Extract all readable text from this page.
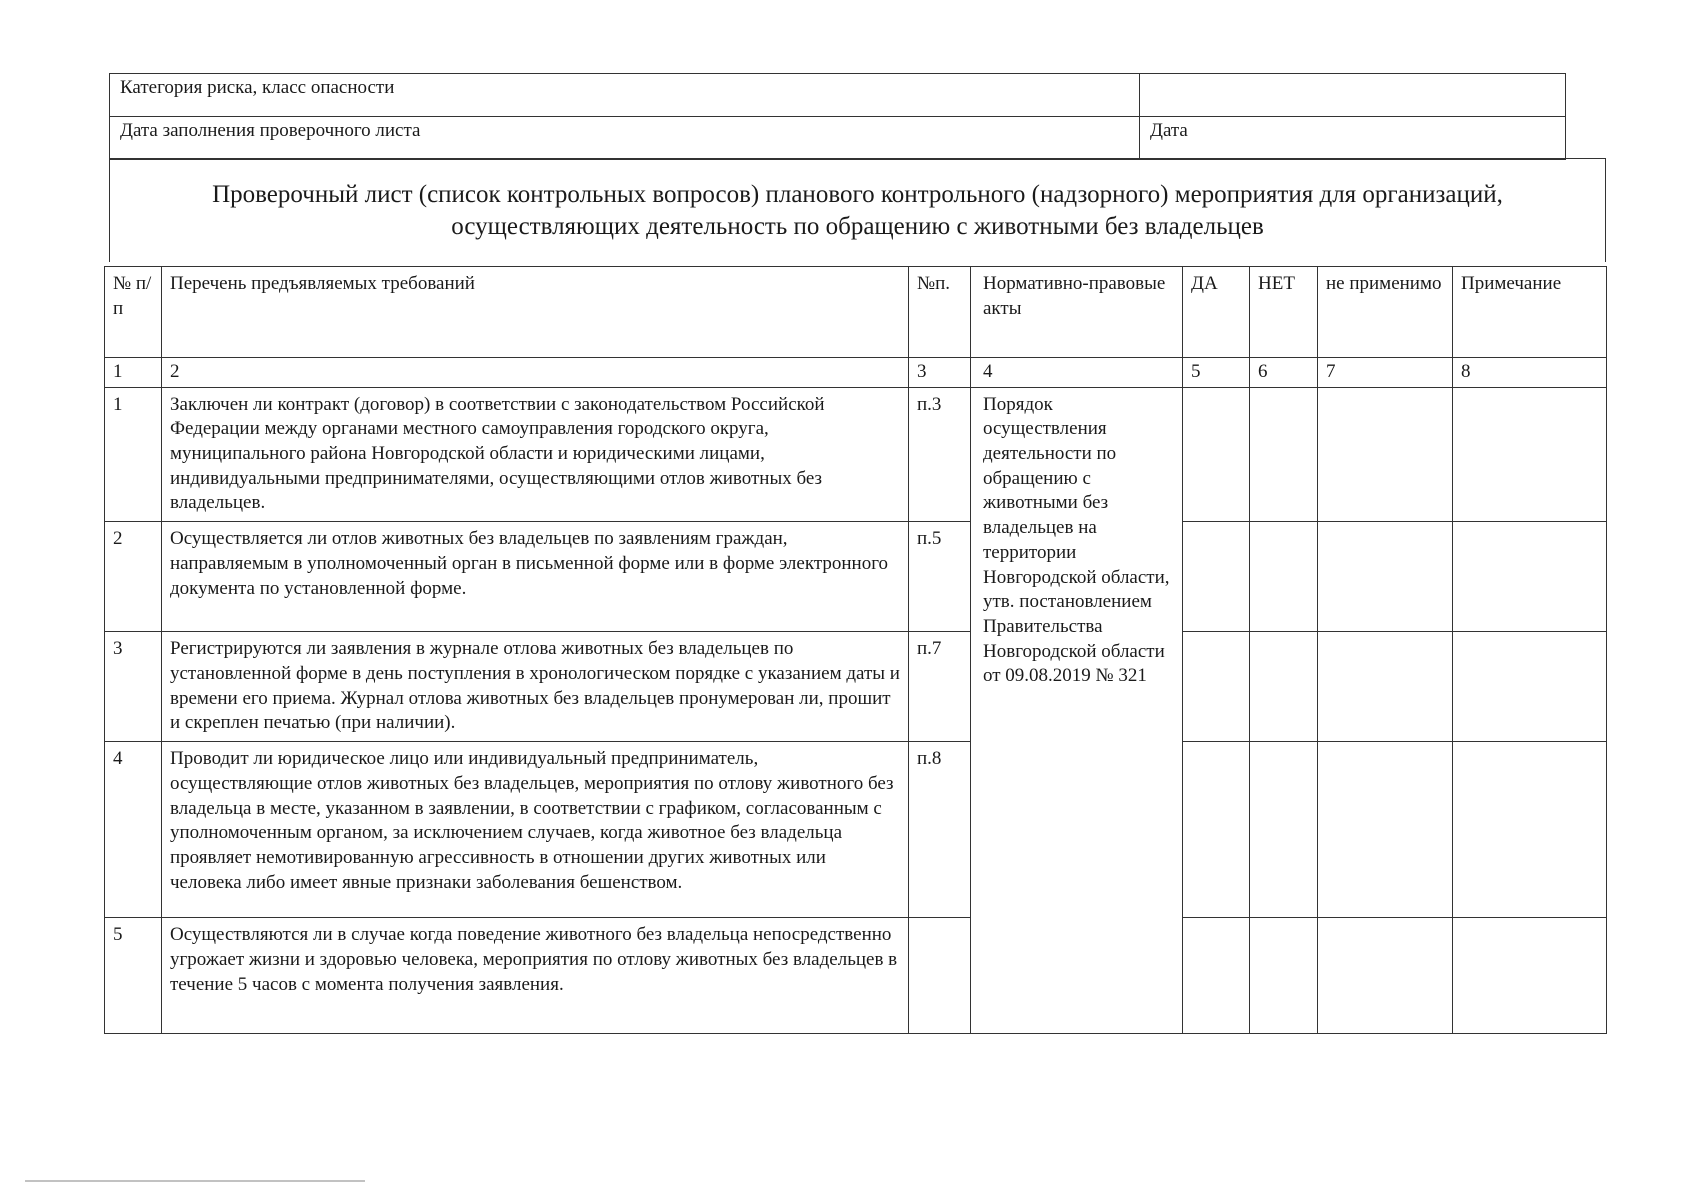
Категория риска, класс опасности	
Дата заполнения проверочного листа	Дата
Проверочный лист (список контрольных вопросов) планового контрольного (надзорного) мероприятия для организаций,
осуществляющих деятельность по обращению с животными без владельцев
№ п/п	Перечень предъявляемых требований	№п.	Нормативно-правовые акты	ДА	НЕТ	не применимо	Примечание
1	2	3	4	5	6	7	8
1	Заключен ли контракт (договор) в соответствии с законодательством Российской Федерации между органами местного самоуправления городского округа, муниципального района Новгородской области и юридическими лицами, индивидуальными предпринимателями, осуществляющими отлов животных без владельцев.	п.3	Порядок осуществления деятельности по обращению с животными без владельцев на территории Новгородской области, утв. постановлением Правительства Новгородской области от 09.08.2019 № 321				
2	Осуществляется ли отлов животных без владельцев по заявлениям граждан, направляемым в уполномоченный орган в письменной форме или в форме электронного документа по установленной форме.	п.5					
3	Регистрируются ли заявления в журнале отлова животных без владельцев по установленной форме в день поступления в хронологическом порядке с указанием даты и времени его приема. Журнал отлова животных без владельцев пронумерован ли, прошит и скреплен печатью (при наличии).	п.7					
4	Проводит ли юридическое лицо или индивидуальный предприниматель, осуществляющие отлов животных без владельцев, мероприятия по отлову животного без владельца в месте, указанном в заявлении, в соответствии с графиком, согласованным с уполномоченным органом, за исключением случаев, когда животное без владельца проявляет немотивированную агрессивность в отношении других животных или человека либо имеет явные признаки заболевания бешенством.	п.8					
5	Осуществляются ли в случае когда поведение животного без владельца непосредственно угрожает жизни и здоровью человека, мероприятия по отлову животных без владельцев в течение 5 часов с момента получения заявления.						
